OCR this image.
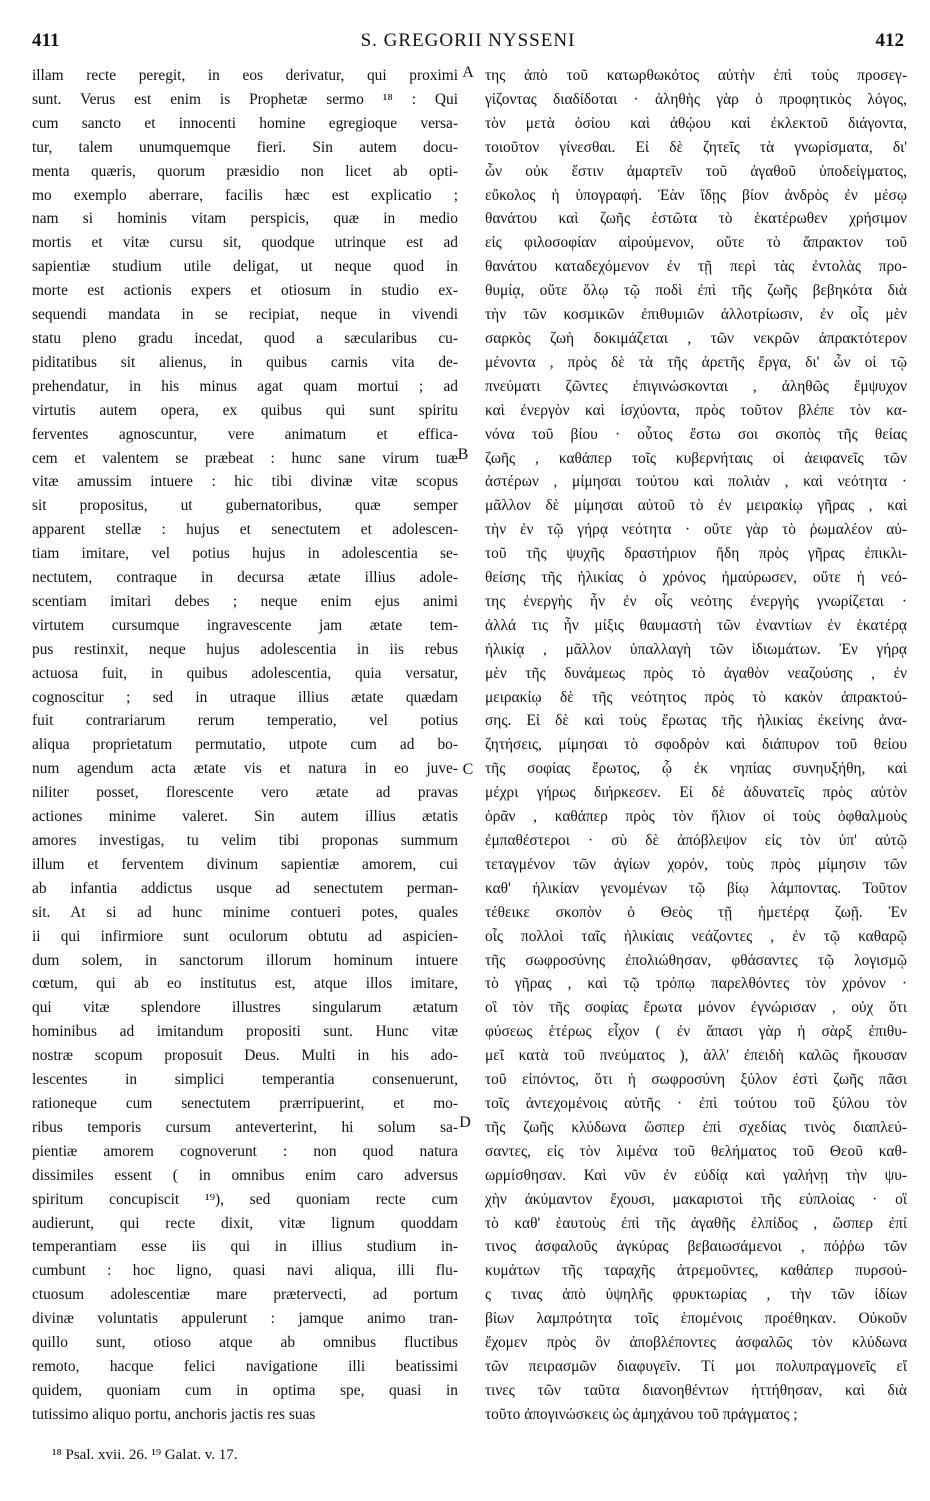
411	S. GREGORII NYSSENI	412
illam recte peregit, in eos derivatur, qui proximi
sunt. Verus est enim is Prophetæ sermo ¹⁸ : Qui
cum sancto et innocenti homine egregioque versa-
tur, talem unumquemque fieri. Sin autem docu-
menta quæris, quorum præsidio non licet ab opti-
mo exemplo aberrare, facilis hæc est explicatio ;
nam si hominis vitam perspicis, quæ in medio
mortis et vitæ cursu sit, quodque utrinque est ad
sapientiæ studium utile deligat, ut neque quod in
morte est actionis expers et otiosum in studio ex-
sequendi mandata in se recipiat, neque in vivendi
statu pleno gradu incedat, quod a sæcularibus cu-
piditatibus sit alienus, in quibus carnis vita de-
prehendatur, in his minus agat quam mortui ; ad
virtutis autem opera, ex quibus qui sunt spiritu
ferventes agnoscuntur, vere animatum et effica-
cem et valentem se præbeat : hunc sane virum tuæ
vitæ amussim intuere : hic tibi divinæ vitæ scopus
sit propositus, ut gubernatoribus, quæ semper
apparent stellæ : hujus et senectutem et adolescen-
tiam imitare, vel potius hujus in adolescentia se-
nectutem, contraque in decursa ætate illius adole-
scentiam imitari debes ; neque enim ejus animi
virtutem cursumque ingravescente jam ætate tem-
pus restinxit, neque hujus adolescentia in iis rebus
actuosa fuit, in quibus adolescentia, quia versatur,
cognoscitur ; sed in utraque illius ætate quædam
fuit contrariarum rerum temperatio, vel potius
aliqua proprietatum permutatio, utpote cum ad bo-
num agendum acta ætate vis et natura in eo juve-
niliter posset, florescente vero ætate ad pravas
actiones minime valeret. Sin autem illius ætatis
amores investigas, tu velim tibi proponas summum
illum et ferventem divinum sapientiæ amorem, cui
ab infantia addictus usque ad senectutem perman-
sit. At si ad hunc minime contueri potes, quales
ii qui infirmiore sunt oculorum obtutu ad aspicien-
dum solem, in sanctorum illorum hominum intuere
cœtum, qui ab eo institutus est, atque illos imitare,
qui vitæ splendore illustres singularum ætatum
hominibus ad imitandum propositi sunt. Hunc vitæ
nostræ scopum proposuit Deus. Multi in his ado-
lescentes in simplici temperantia consenuerunt,
rationeque cum senectutem prærripuerint, et mo-
ribus temporis cursum anteverterint, hi solum sa-
pientiæ amorem cognoverunt : non quod natura
dissimiles essent ( in omnibus enim caro adversus
spiritum concupiscit ¹⁹), sed quoniam recte cum
audierunt, qui recte dixit, vitæ lignum quoddam
temperantiam esse iis qui in illius studium in-
cumbunt : hoc ligno, quasi navi aliqua, illi flu-
ctuosum adolescentiæ mare prætervecti, ad portum
divinæ voluntatis appulerunt : jamque animo tran-
quillo sunt, otioso atque ab omnibus fluctibus
remoto, hacque felici navigatione illi beatissimi
quidem, quoniam cum in optima spe, quasi in
tutissimo aliquo portu, anchoris jactis res suas
της ἀπὸ τοῦ κατωρθωκότος αὐτὴν ἐπὶ τοὺς προσεγ-
γίζοντας διαδίδοται · ἀληθὴς γὰρ ὁ προφητικὸς λόγος,
τὸν μετὰ ὁσίου καὶ ἀθῴου καὶ ἐκλεκτοῦ διάγοντα,
τοιοῦτον γίνεσθαι. Εἰ δὲ ζητεῖς τὰ γνωρίσματα, δι'
ὧν οὐκ ἔστιν ἁμαρτεῖν τοῦ ἀγαθοῦ ὑποδείγματος,
εὔκολος ἡ ὑπογραφή. Ἐὰν ἴδῃς βίον ἀνδρὸς ἐν μέσῳ
θανάτου καὶ ζωῆς ἑστῶτα τὸ ἑκατέρωθεν χρήσιμον
εἰς φιλοσοφίαν αἱρούμενον, οὔτε τὸ ἄπρακτον τοῦ
θανάτου καταδεχόμενον ἐν τῇ περὶ τὰς ἐντολὰς προ-
θυμίᾳ, οὔτε ὅλῳ τῷ ποδὶ ἐπὶ τῆς ζωῆς βεβηκότα διὰ
τὴν τῶν κοσμικῶν ἐπιθυμιῶν ἀλλοτρίωσιν, ἐν οἷς μὲν
σαρκὸς ζωὴ δοκιμάζεται , τῶν νεκρῶν ἀπρακτότερον
μένοντα , πρὸς δὲ τὰ τῆς ἀρετῆς ἔργα, δι' ὧν οἱ τῷ
πνεύματι ζῶντες ἐπιγινώσκονται , ἀληθῶς ἔμψυχον
καὶ ἐνεργὸν καὶ ἰσχύοντα, πρὸς τοῦτον βλέπε τὸν κα-
νόνα τοῦ βίου · οὗτος ἔστω σοι σκοπὸς τῆς θείας
ζωῆς , καθάπερ τοῖς κυβερνήταις οἱ ἀειφανεῖς τῶν
ἀστέρων , μίμησαι τούτου καὶ πολιὰν , καὶ νεότητα ·
μᾶλλον δὲ μίμησαι αὐτοῦ τὸ ἐν μειρακίῳ γῆρας , καὶ
τὴν ἐν τῷ γήρᾳ νεότητα · οὔτε γὰρ τὸ ῥωμαλέον αὐ-
τοῦ τῆς ψυχῆς δραστήριον ἤδη πρὸς γῆρας ἐπικλι-
θείσης τῆς ἡλικίας ὁ χρόνος ἠμαύρωσεν, οὔτε ἡ νεό-
της ἐνεργὴς ἦν ἐν οἷς νεότης ἐνεργὴς γνωρίζεται ·
ἀλλά τις ἦν μίξις θαυμαστὴ τῶν ἐναντίων ἐν ἑκατέρᾳ
ἡλικίᾳ , μᾶλλον ὑπαλλαγὴ τῶν ἰδιωμάτων. Ἐν γήρᾳ
μὲν τῆς δυνάμεως πρὸς τὸ ἀγαθὸν νεαζούσης , ἐν
μειρακίῳ δὲ τῆς νεότητος πρὸς τὸ κακὸν ἀπρακτού-
σης. Εἰ δὲ καὶ τοὺς ἔρωτας τῆς ἡλικίας ἐκείνης ἀνα-
ζητήσεις, μίμησαι τὸ σφοδρὸν καὶ διάπυρον τοῦ θείου
τῆς σοφίας ἔρωτος, ᾧ ἐκ νηπίας συνηυξήθη, καὶ
μέχρι γήρως διήρκεσεν. Εἰ δὲ ἀδυνατεῖς πρὸς αὐτὸν
ὁρᾶν , καθάπερ πρὸς τὸν ἥλιον οἱ τοὺς ὀφθαλμοὺς
ἐμπαθέστεροι · σὺ δὲ ἀπόβλεψον εἰς τὸν ὑπ' αὐτῷ
τεταγμένον τῶν ἁγίων χορόν, τοὺς πρὸς μίμησιν τῶν
καθ' ἡλικίαν γενομένων τῷ βίῳ λάμποντας. Τοῦτον
τέθεικε σκοπὸν ὁ Θεὸς τῇ ἡμετέρᾳ ζωῇ. Ἐν
οἷς πολλοὶ ταῖς ἡλικίαις νεάζοντες , ἐν τῷ καθαρῷ
τῆς σωφροσύνης ἐπολιώθησαν, φθάσαντες τῷ λογισμῷ
τὸ γῆρας , καὶ τῷ τρόπῳ παρελθόντες τὸν χρόνον ·
οἳ τὸν τῆς σοφίας ἔρωτα μόνον ἐγνώρισαν , οὐχ ὅτι
φύσεως ἑτέρως εἶχον ( ἐν ἅπασι γὰρ ἡ σὰρξ ἐπιθυ-
μεῖ κατὰ τοῦ πνεύματος ), ἀλλ' ἐπειδὴ καλῶς ἤκουσαν
τοῦ εἰπόντος, ὅτι ἡ σωφροσύνη ξύλον ἐστὶ ζωῆς πᾶσι
τοῖς ἀντεχομένοις αὐτῆς · ἐπὶ τούτου τοῦ ξύλου τὸν
τῆς ζωῆς κλύδωνα ὥσπερ ἐπὶ σχεδίας τινὸς διαπλεύ-
σαντες, εἰς τὸν λιμένα τοῦ θελήματος τοῦ Θεοῦ καθ-
ωρμίσθησαν. Καὶ νῦν ἐν εὐδίᾳ καὶ γαλήνῃ τὴν ψυ-
χὴν ἀκύμαντον ἔχουσι, μακαριστοὶ τῆς εὐπλοίας · οἳ
τὸ καθ' ἑαυτοὺς ἐπὶ τῆς ἀγαθῆς ἐλπίδος , ὥσπερ ἐπί
τινος ἀσφαλοῦς ἀγκύρας βεβαιωσάμενοι , πόῤῥω τῶν
κυμάτων τῆς ταραχῆς ἀτρεμοῦντες, καθάπερ πυρσού-
ς τινας ἀπὸ ὑψηλῆς φρυκτωρίας , τὴν τῶν ἰδίων
βίων λαμπρότητα τοῖς ἑπομένοις προέθηκαν. Οὐκοῦν
ἔχομεν πρὸς ὃν ἀποβλέποντες ἀσφαλῶς τὸν κλύδωνα
τῶν πειρασμῶν διαφυγεῖν. Τί μοι πολυπραγμονεῖς εἴ
τινες τῶν ταῦτα διανοηθέντων ἡττήθησαν, καὶ διὰ
τοῦτο ἀπογινώσκεις ὡς ἀμηχάνου τοῦ πράγματος ;
A
B
C
D
¹⁸ Psal. xvii. 26. ¹⁹ Galat. v. 17.
